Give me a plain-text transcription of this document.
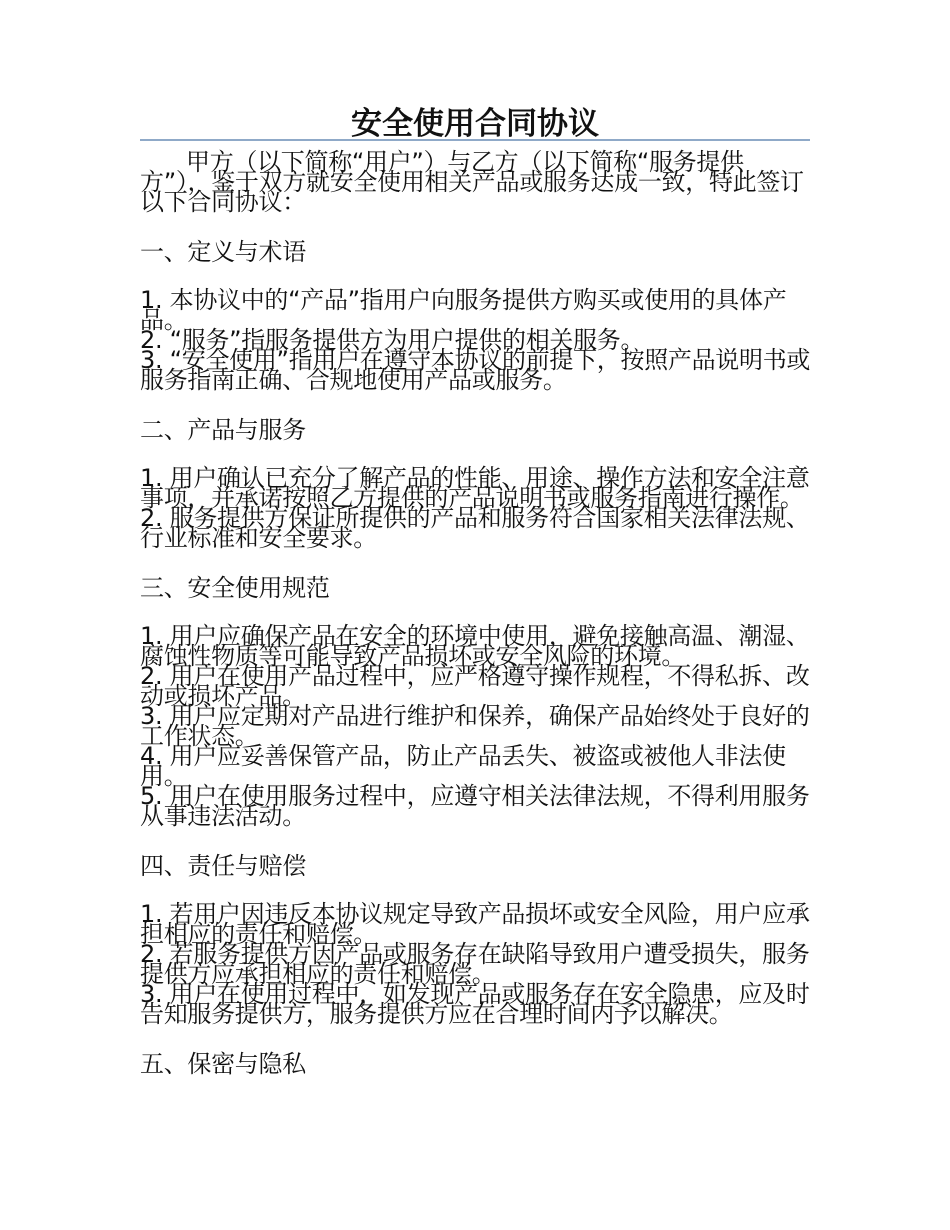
安全使用合同协议

甲方（以下简称“用户”）与乙方（以下简称“服务提供方”），鉴于双方就安全使用相关产品或服务达成一致，特此签订以下合同协议：

一、定义与术语

1. 本协议中的“产品”指用户向服务提供方购买或使用的具体产品。

2. “服务”指服务提供方为用户提供的相关服务。

3. “安全使用”指用户在遵守本协议的前提下，按照产品说明书或服务指南正确、合规地使用产品或服务。

二、产品与服务

1. 用户确认已充分了解产品的性能、用途、操作方法和安全注意事项，并承诺按照乙方提供的产品说明书或服务指南进行操作。

2. 服务提供方保证所提供的产品和服务符合国家相关法律法规、行业标准和安全要求。

三、安全使用规范

1. 用户应确保产品在安全的环境中使用，避免接触高温、潮湿、腐蚀性物质等可能导致产品损坏或安全风险的环境。

2. 用户在使用产品过程中，应严格遵守操作规程，不得私拆、改动或损坏产品。

3. 用户应定期对产品进行维护和保养，确保产品始终处于良好的工作状态。

4. 用户应妥善保管产品，防止产品丢失、被盗或被他人非法使用。

5. 用户在使用服务过程中，应遵守相关法律法规，不得利用服务从事违法活动。

四、责任与赔偿

1. 若用户因违反本协议规定导致产品损坏或安全风险，用户应承担相应的责任和赔偿。

2. 若服务提供方因产品或服务存在缺陷导致用户遭受损失，服务提供方应承担相应的责任和赔偿。

3. 用户在使用过程中，如发现产品或服务存在安全隐患，应及时告知服务提供方，服务提供方应在合理时间内予以解决。

五、保密与隐私
